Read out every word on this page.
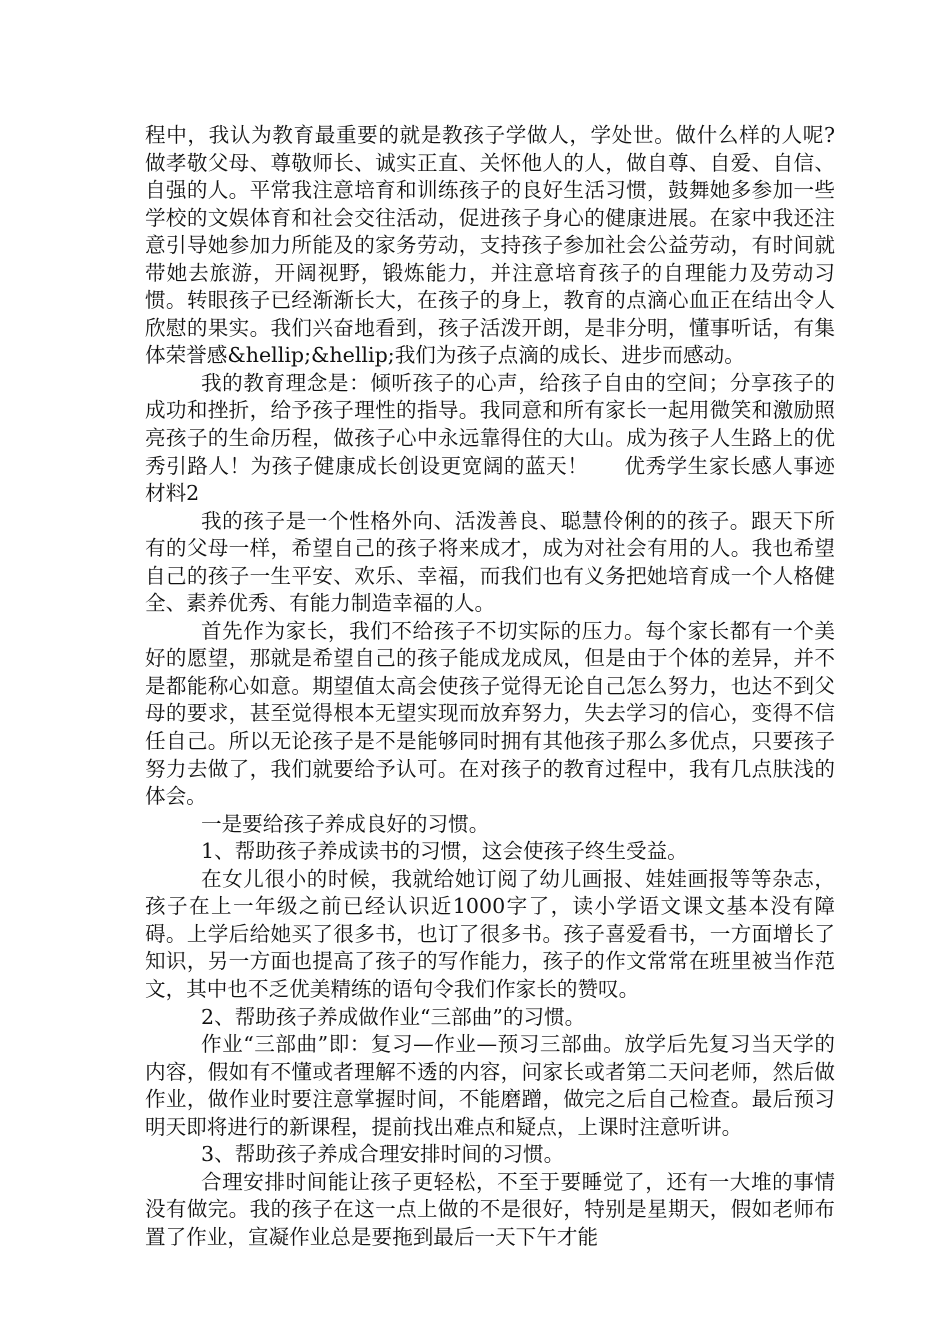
程中，我认为教育最重要的就是教孩子学做人，学处世。做什么样的人呢?做孝敬父母、尊敬师长、诚实正直、关怀他人的人，做自尊、自爱、自信、自强的人。平常我注意培育和训练孩子的良好生活习惯，鼓舞她多参加一些学校的文娱体育和社会交往活动，促进孩子身心的健康进展。在家中我还注意引导她参加力所能及的家务劳动，支持孩子参加社会公益劳动，有时间就带她去旅游，开阔视野，锻炼能力，并注意培育孩子的自理能力及劳动习惯。转眼孩子已经渐渐长大，在孩子的身上，教育的点滴心血正在结出令人欣慰的果实。我们兴奋地看到，孩子活泼开朗，是非分明，懂事听话，有集体荣誉感&hellip;&hellip;我们为孩子点滴的成长、进步而感动。

我的教育理念是：倾听孩子的心声，给孩子自由的空间；分享孩子的成功和挫折，给予孩子理性的指导。我同意和所有家长一起用微笑和激励照亮孩子的生命历程，做孩子心中永远靠得住的大山。成为孩子人生路上的优秀引路人！为孩子健康成长创设更宽阔的蓝天！ 优秀学生家长感人事迹材料2

我的孩子是一个性格外向、活泼善良、聪慧伶俐的的孩子。跟天下所有的父母一样，希望自己的孩子将来成才，成为对社会有用的人。我也希望自己的孩子一生平安、欢乐、幸福，而我们也有义务把她培育成一个人格健全、素养优秀、有能力制造幸福的人。

首先作为家长，我们不给孩子不切实际的压力。每个家长都有一个美好的愿望，那就是希望自己的孩子能成龙成凤，但是由于个体的差异，并不是都能称心如意。期望值太高会使孩子觉得无论自己怎么努力，也达不到父母的要求，甚至觉得根本无望实现而放弃努力，失去学习的信心，变得不信任自己。所以无论孩子是不是能够同时拥有其他孩子那么多优点，只要孩子努力去做了，我们就要给予认可。在对孩子的教育过程中，我有几点肤浅的体会。

一是要给孩子养成良好的习惯。

1、帮助孩子养成读书的习惯，这会使孩子终生受益。

在女儿很小的时候，我就给她订阅了幼儿画报、娃娃画报等等杂志，孩子在上一年级之前已经认识近1000字了，读小学语文课文基本没有障碍。上学后给她买了很多书，也订了很多书。孩子喜爱看书，一方面增长了知识，另一方面也提高了孩子的写作能力，孩子的作文常常在班里被当作范文，其中也不乏优美精练的语句令我们作家长的赞叹。

2、帮助孩子养成做作业“三部曲”的习惯。

作业“三部曲”即：复习—作业—预习三部曲。放学后先复习当天学的内容，假如有不懂或者理解不透的内容，问家长或者第二天问老师，然后做作业，做作业时要注意掌握时间，不能磨蹭，做完之后自己检查。最后预习明天即将进行的新课程，提前找出难点和疑点，上课时注意听讲。

3、帮助孩子养成合理安排时间的习惯。

合理安排时间能让孩子更轻松，不至于要睡觉了，还有一大堆的事情没有做完。我的孩子在这一点上做的不是很好，特别是星期天，假如老师布置了作业，宣凝作业总是要拖到最后一天下午才能
